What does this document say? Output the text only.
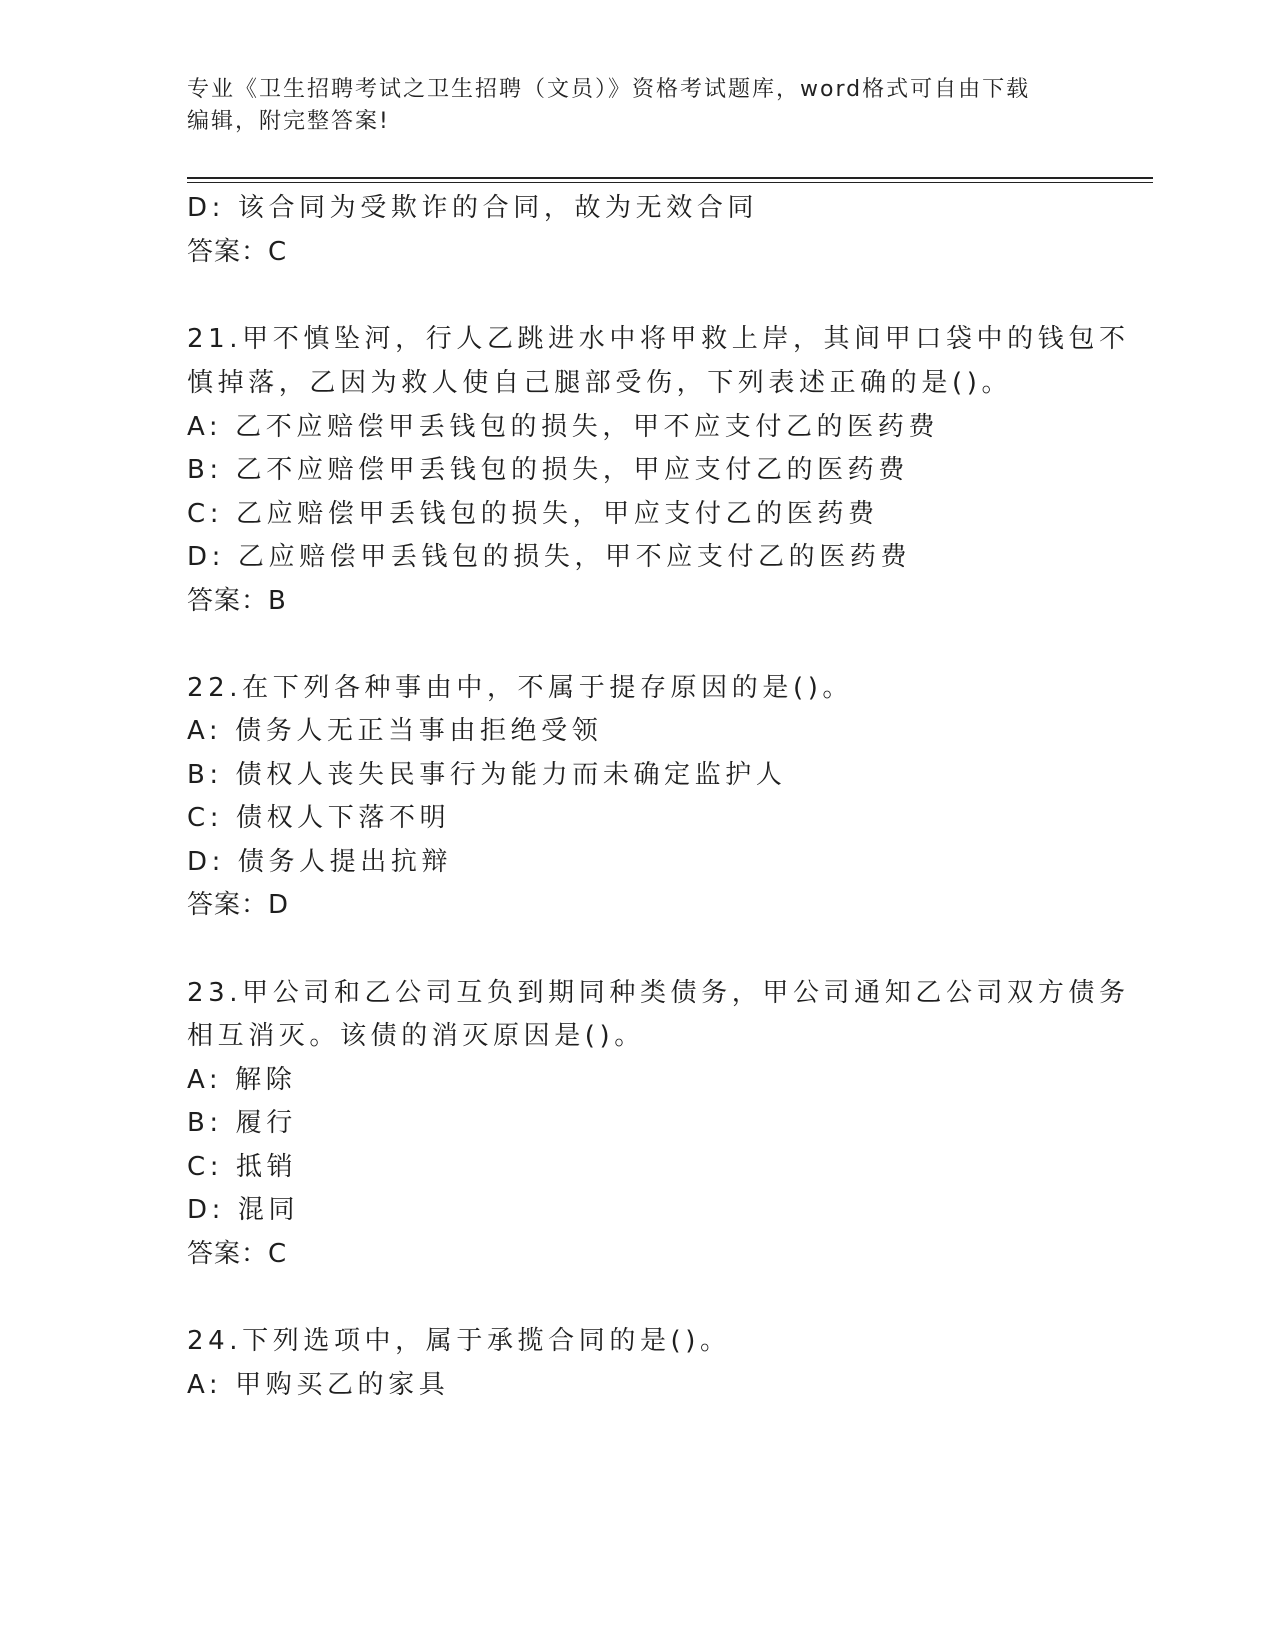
专业《卫生招聘考试之卫生招聘（文员）》资格考试题库，word格式可自由下载
编辑，附完整答案!
D: 该合同为受欺诈的合同，故为无效合同
答案：C
21.甲不慎坠河，行人乙跳进水中将甲救上岸，其间甲口袋中的钱包不
慎掉落，乙因为救人使自己腿部受伤，下列表述正确的是()。
A: 乙不应赔偿甲丢钱包的损失，甲不应支付乙的医药费
B: 乙不应赔偿甲丢钱包的损失，甲应支付乙的医药费
C: 乙应赔偿甲丢钱包的损失，甲应支付乙的医药费
D: 乙应赔偿甲丢钱包的损失，甲不应支付乙的医药费
答案：B
22.在下列各种事由中，不属于提存原因的是()。
A: 债务人无正当事由拒绝受领
B: 债权人丧失民事行为能力而未确定监护人
C: 债权人下落不明
D: 债务人提出抗辩
答案：D
23.甲公司和乙公司互负到期同种类债务，甲公司通知乙公司双方债务
相互消灭。该债的消灭原因是()。
A: 解除
B: 履行
C: 抵销
D: 混同
答案：C
24.下列选项中，属于承揽合同的是()。
A: 甲购买乙的家具
